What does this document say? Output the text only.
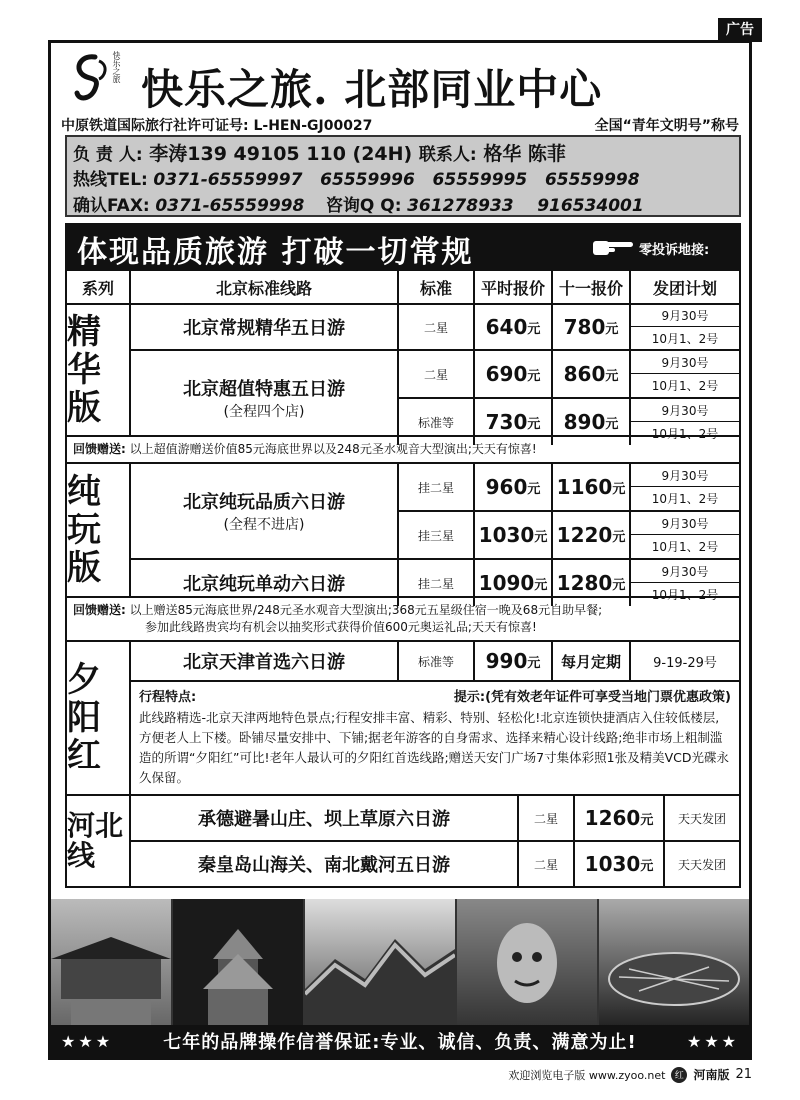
广告
快乐之旅 快乐之旅. 北部同业中心
中原铁道国际旅行社许可证号: L-HEN-GJ00027	全国“青年文明号”称号
负 责 人: 李涛139 49105 110 (24H) 联系人: 格华 陈菲
热线TEL: 0371-65559997   65559996   65559995   65559998
确认FAX: 0371-65559998 咨询Q Q: 361278933    916534001
体现品质旅游 打破一切常规	零投诉地接:
系列	北京标准线路	标准	平时报价 十一报价	发团计划
精华版
北京常规精华五日游	二星	640 元 780 元
9月30号
10月1、2号
北京超值特惠五日游
(全程四个店)
二星	690 元 860 元
9月30号
10月1、2号
标准等	730 元 890 元
9月30号
10月1、2号
回馈赠送:
以上超值游赠送价值85元海底世界以及248元圣水观音大型演出;天天有惊喜!
纯玩版
北京纯玩品质六日游
(全程不进店)
挂二星	960 元 1160 元
9月30号
10月1、2号
挂三星	1030 元 1220 元
9月30号
10月1、2号
北京纯玩单动六日游	挂二星	1090 元 1280 元
9月30号
10月1、2号
回馈赠送: 以上赠送85元海底世界/248元圣水观音大型演出;368元五星级住宿一晚及68元自助早餐;
参加此线路贵宾均有机会以抽奖形式获得价值600元奥运礼品;天天有惊喜!
夕阳红
北京天津首选六日游	标准等	990 元	每月定期	9-19-29号
行程特点:	提示:(凭有效老年证件可享受当地门票优惠政策)
此线路精选-北京天津两地特色景点;行程安排丰富、精彩、特别、轻松化!北京连锁快捷酒店入住较低楼层,方便老人上下楼。卧铺尽量安排中、下铺;据老年游客的自身需求、选择来精心设计线路;绝非市场上粗制滥造的所谓“夕阳红”可比!老年人最认可的夕阳红首选线路;赠送天安门广场7寸集体彩照1张及精美VCD光碟永久保留。
河北线
承德避暑山庄、坝上草原六日游	二星	1260 元	天天发团
秦皇岛山海关、南北戴河五日游	二星	1030 元	天天发团
★★★	七年的品牌操作信誉保证:专业、诚信、负责、满意为止!	★★★
欢迎浏览电子版 www.zyoo.net	红 河南版 21
